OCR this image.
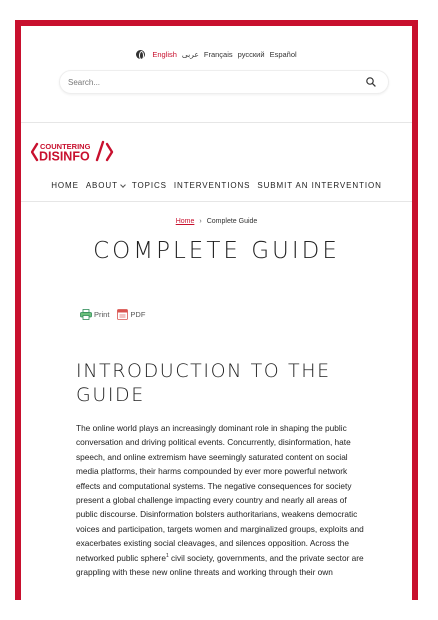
English عربى Français русский Español
Search...
COUNTERING
DISINFO
HOME ABOUT TOPICS INTERVENTIONS SUBMIT AN INTERVENTION
Home › Complete Guide
COMPLETE GUIDE
Print	PDF
INTRODUCTION TO THE GUIDE

The online world plays an increasingly dominant role in shaping the public conversation and driving political events. Concurrently, disinformation, hate speech, and online extremism have seemingly saturated content on social media platforms, their harms compounded by ever more powerful network effects and computational systems. The negative consequences for society present a global challenge impacting every country and nearly all areas of public discourse. Disinformation bolsters authoritarians, weakens democratic voices and participation, targets women and marginalized groups, exploits and exacerbates existing social cleavages, and silences opposition. Across the networked public sphere$^1$ civil society, governments, and the private sector are grappling with these new online threats and working through their own
